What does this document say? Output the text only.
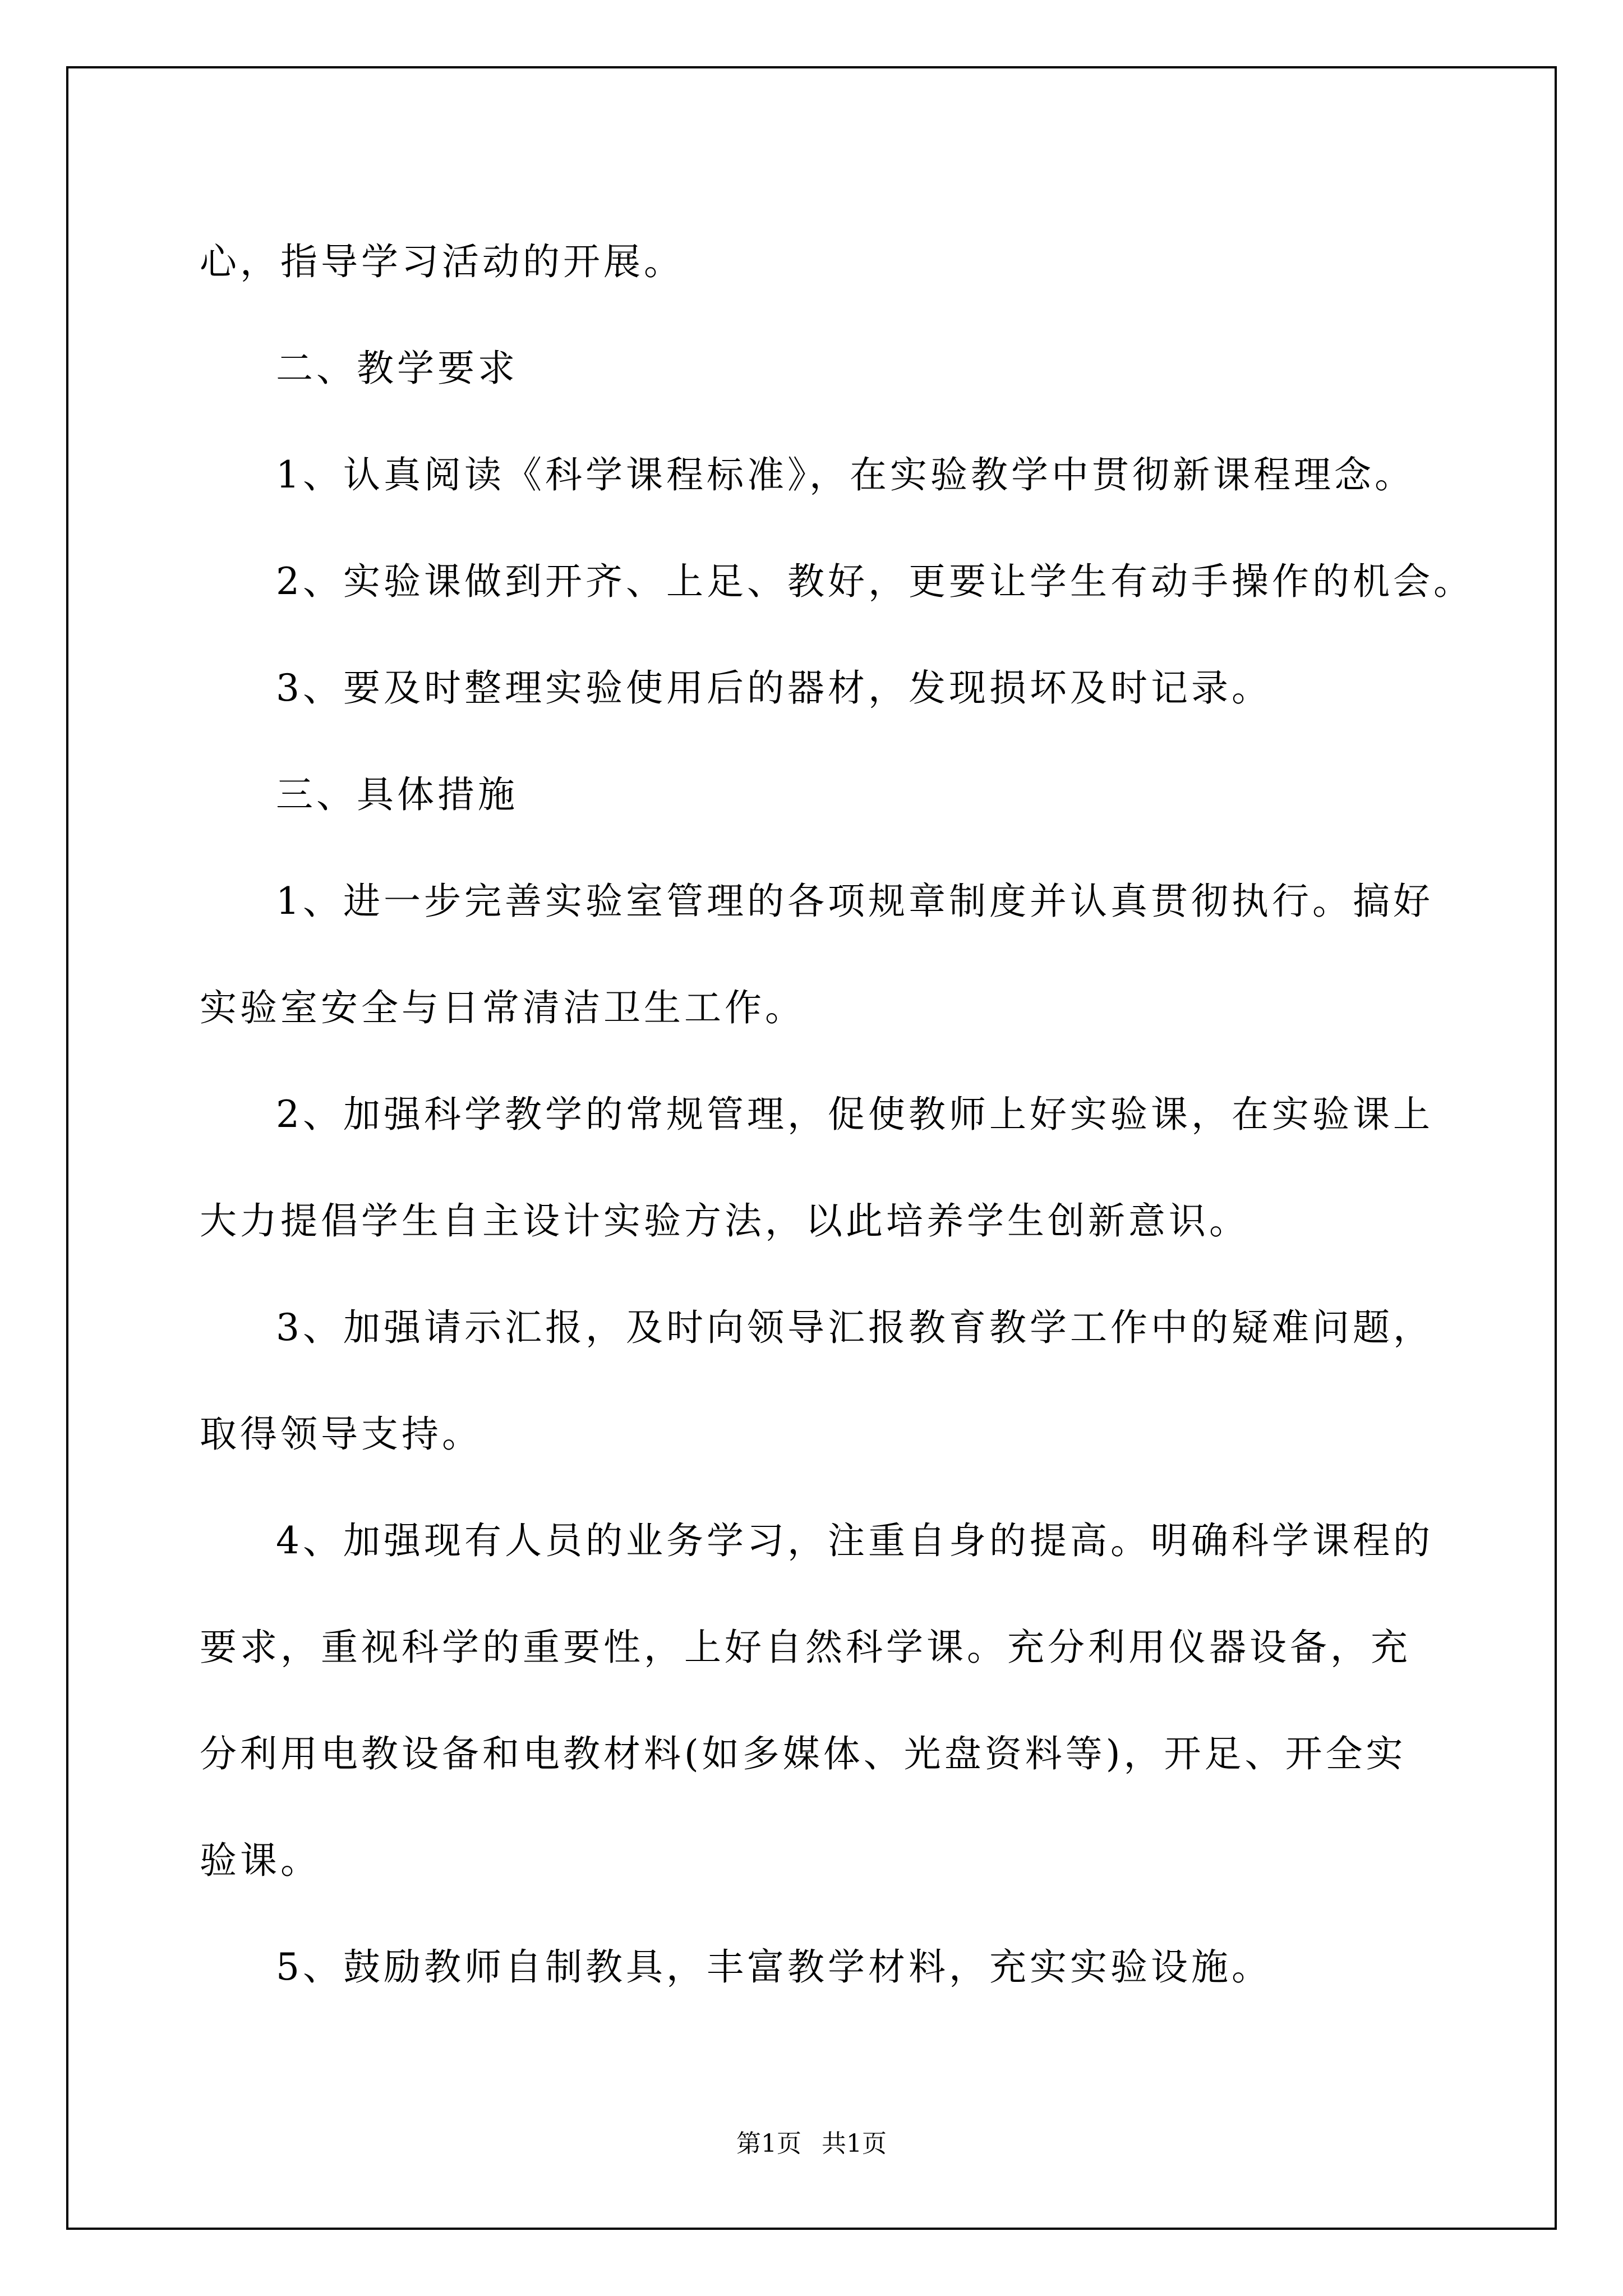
心，指导学习活动的开展。

二、教学要求

1、认真阅读《科学课程标准》，在实验教学中贯彻新课程理念。

2、实验课做到开齐、上足、教好，更要让学生有动手操作的机会。

3、要及时整理实验使用后的器材，发现损坏及时记录。

三、具体措施

1、进一步完善实验室管理的各项规章制度并认真贯彻执行。搞好

实验室安全与日常清洁卫生工作。

2、加强科学教学的常规管理，促使教师上好实验课，在实验课上

大力提倡学生自主设计实验方法，以此培养学生创新意识。

3、加强请示汇报，及时向领导汇报教育教学工作中的疑难问题，

取得领导支持。

4、加强现有人员的业务学习，注重自身的提高。明确科学课程的

要求，重视科学的重要性，上好自然科学课。充分利用仪器设备，充

分利用电教设备和电教材料(如多媒体、光盘资料等)，开足、开全实

验课。

5、鼓励教师自制教具，丰富教学材料，充实实验设施。

第1页 共1页
